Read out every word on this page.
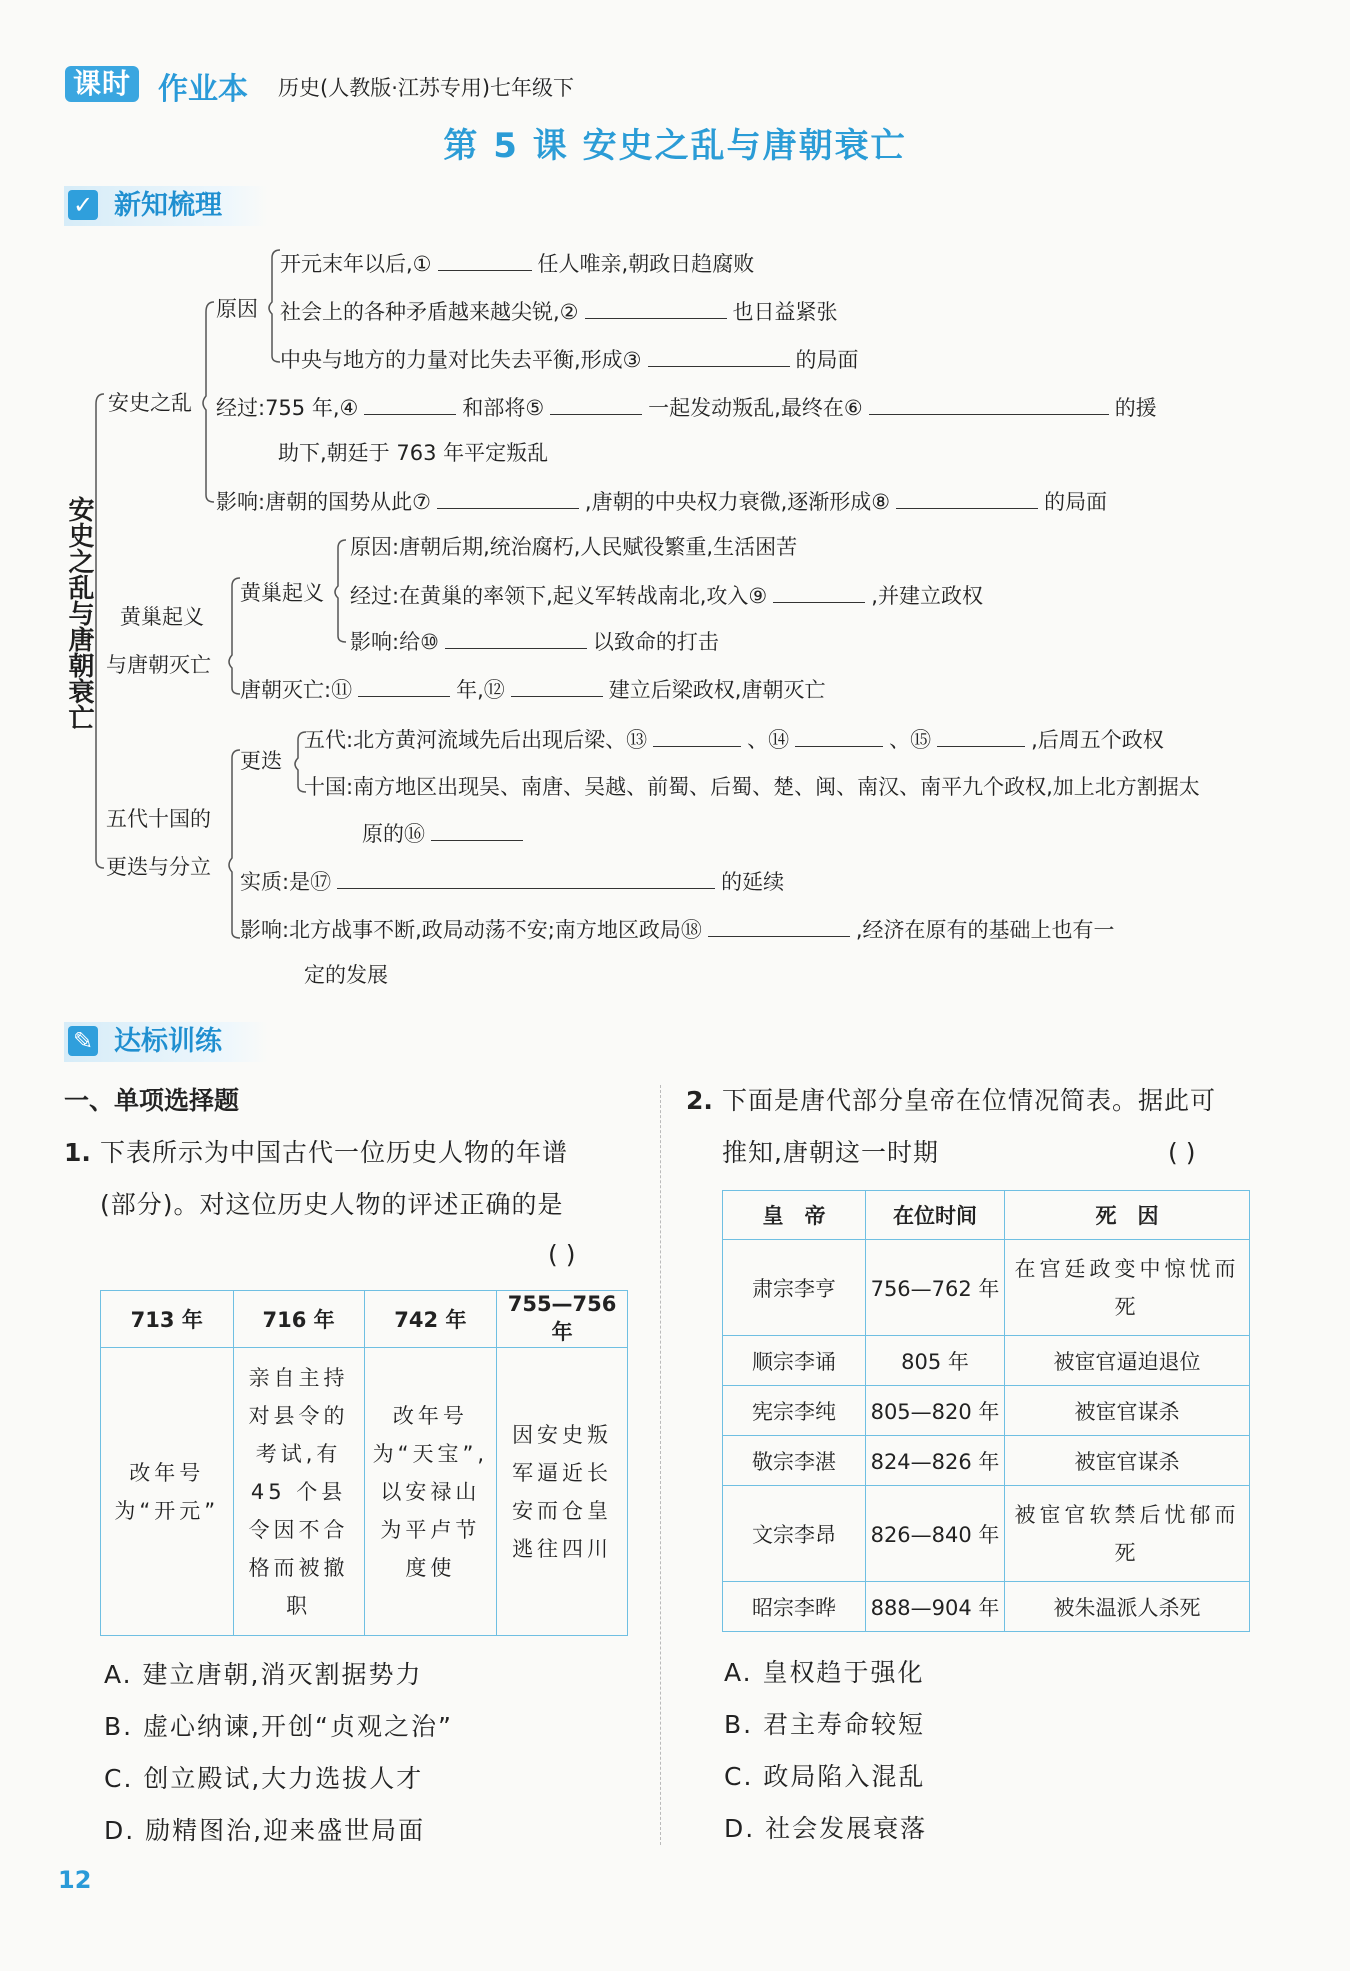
课时 作业本 历史(人教版·江苏专用)七年级下
第 5 课 安史之乱与唐朝衰亡
✓ 新知梳理
安史之乱与唐朝衰亡
安史之乱
原因
开元末年以后,①	任人唯亲,朝政日趋腐败
社会上的各种矛盾越来越尖锐,②	也日益紧张
中央与地方的力量对比失去平衡,形成③	的局面
经过:755 年,④	和部将⑤	一起发动叛乱,最终在⑥	的援
助下,朝廷于 763 年平定叛乱
影响:唐朝的国势从此⑦	,唐朝的中央权力衰微,逐渐形成⑧	的局面
黄巢起义
与唐朝灭亡
黄巢起义
原因:唐朝后期,统治腐朽,人民赋役繁重,生活困苦
经过:在黄巢的率领下,起义军转战南北,攻入⑨	,并建立政权
影响:给⑩	以致命的打击
唐朝灭亡:⑪	年,⑫	建立后梁政权,唐朝灭亡
五代十国的
更迭与分立
更迭
五代:北方黄河流域先后出现后梁、⑬	、⑭	、⑮	,后周五个政权
十国:南方地区出现吴、南唐、吴越、前蜀、后蜀、楚、闽、南汉、南平九个政权,加上北方割据太
原的⑯
实质:是⑰	的延续
影响:北方战事不断,政局动荡不安;南方地区政局⑱	,经济在原有的基础上也有一
定的发展
✎ 达标训练
一、单项选择题
1. 下表所示为中国古代一位历史人物的年谱
(部分)。对这位历史人物的评述正确的是
( )
713 年	716 年	742 年	755—756 年
改年号为“开元”	亲自主持对县令的考试,有 45 个县令因不合格而被撤职	改年号为“天宝”,以安禄山为平卢节度使	因安史叛军逼近长安而仓皇逃往四川
A. 建立唐朝,消灭割据势力
B. 虚心纳谏,开创“贞观之治”
C. 创立殿试,大力选拔人才
D. 励精图治,迎来盛世局面
2. 下面是唐代部分皇帝在位情况简表。据此可
推知,唐朝这一时期	( )
皇　帝	在位时间	死　因
肃宗李亨	756—762 年	在宫廷政变中惊忧而死
顺宗李诵	805 年	被宦官逼迫退位
宪宗李纯	805—820 年	被宦官谋杀
敬宗李湛	824—826 年	被宦官谋杀
文宗李昂	826—840 年	被宦官软禁后忧郁而死
昭宗李晔	888—904 年	被朱温派人杀死
A. 皇权趋于强化
B. 君主寿命较短
C. 政局陷入混乱
D. 社会发展衰落
12
